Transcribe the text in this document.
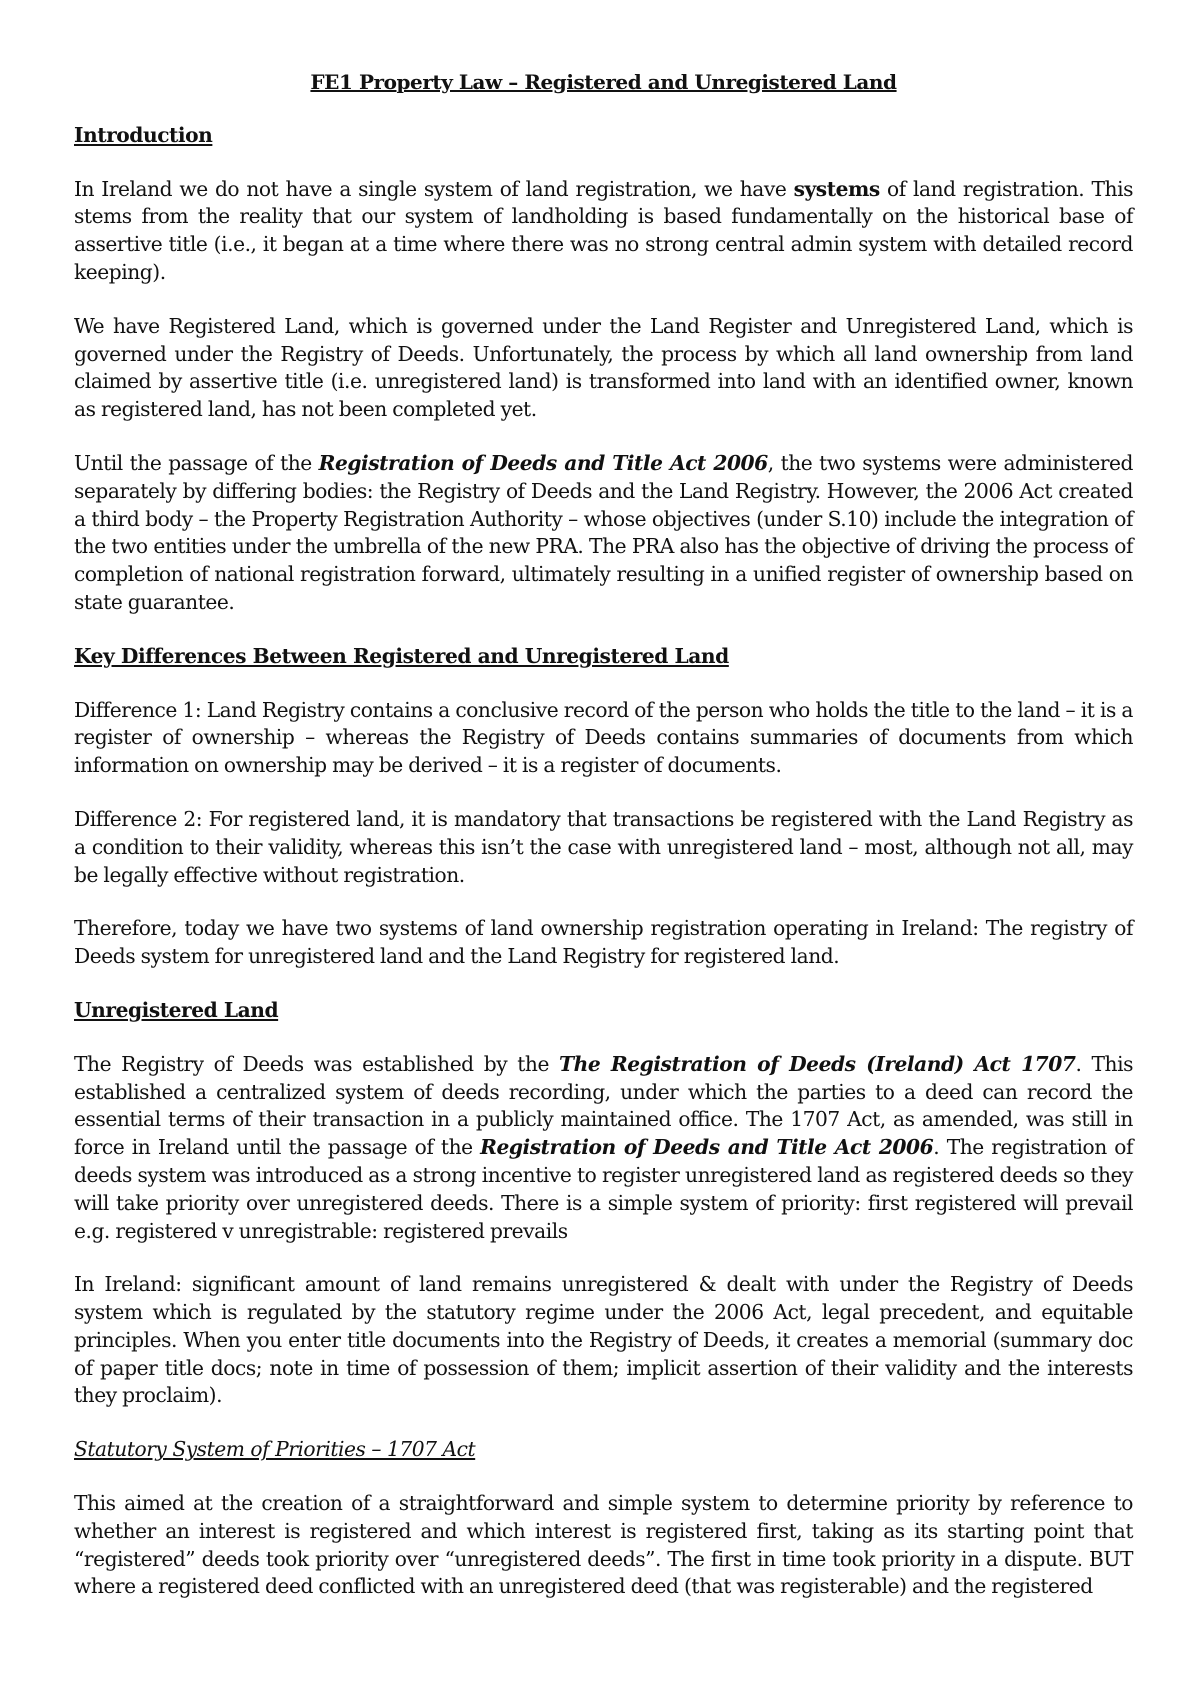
FE1 Property Law – Registered and Unregistered Land
Introduction

In Ireland we do not have a single system of land registration, we have systems of land registration. This stems from the reality that our system of landholding is based fundamentally on the historical base of assertive title (i.e., it began at a time where there was no strong central admin system with detailed record keeping).

We have Registered Land, which is governed under the Land Register and Unregistered Land, which is governed under the Registry of Deeds. Unfortunately, the process by which all land ownership from land claimed by assertive title (i.e. unregistered land) is transformed into land with an identified owner, known as registered land, has not been completed yet.

Until the passage of the Registration of Deeds and Title Act 2006, the two systems were administered separately by differing bodies: the Registry of Deeds and the Land Registry. However, the 2006 Act created a third body – the Property Registration Authority – whose objectives (under S.10) include the integration of the two entities under the umbrella of the new PRA. The PRA also has the objective of driving the process of completion of national registration forward, ultimately resulting in a unified register of ownership based on state guarantee.

Key Differences Between Registered and Unregistered Land

Difference 1: Land Registry contains a conclusive record of the person who holds the title to the land – it is a register of ownership – whereas the Registry of Deeds contains summaries of documents from which information on ownership may be derived – it is a register of documents.

Difference 2: For registered land, it is mandatory that transactions be registered with the Land Registry as a condition to their validity, whereas this isn’t the case with unregistered land – most, although not all, may be legally effective without registration.

Therefore, today we have two systems of land ownership registration operating in Ireland: The registry of Deeds system for unregistered land and the Land Registry for registered land.

Unregistered Land

The Registry of Deeds was established by the The Registration of Deeds (Ireland) Act 1707. This established a centralized system of deeds recording, under which the parties to a deed can record the essential terms of their transaction in a publicly maintained office. The 1707 Act, as amended, was still in force in Ireland until the passage of the Registration of Deeds and Title Act 2006. The registration of deeds system was introduced as a strong incentive to register unregistered land as registered deeds so they will take priority over unregistered deeds. There is a simple system of priority: first registered will prevail e.g. registered v unregistrable: registered prevails

In Ireland: significant amount of land remains unregistered & dealt with under the Registry of Deeds system which is regulated by the statutory regime under the 2006 Act, legal precedent, and equitable principles. When you enter title documents into the Registry of Deeds, it creates a memorial (summary doc of paper title docs; note in time of possession of them; implicit assertion of their validity and the interests they proclaim).

Statutory System of Priorities – 1707 Act

This aimed at the creation of a straightforward and simple system to determine priority by reference to whether an interest is registered and which interest is registered first, taking as its starting point that “registered” deeds took priority over “unregistered deeds”. The first in time took priority in a dispute. BUT where a registered deed conflicted with an unregistered deed (that was registerable) and the registered
